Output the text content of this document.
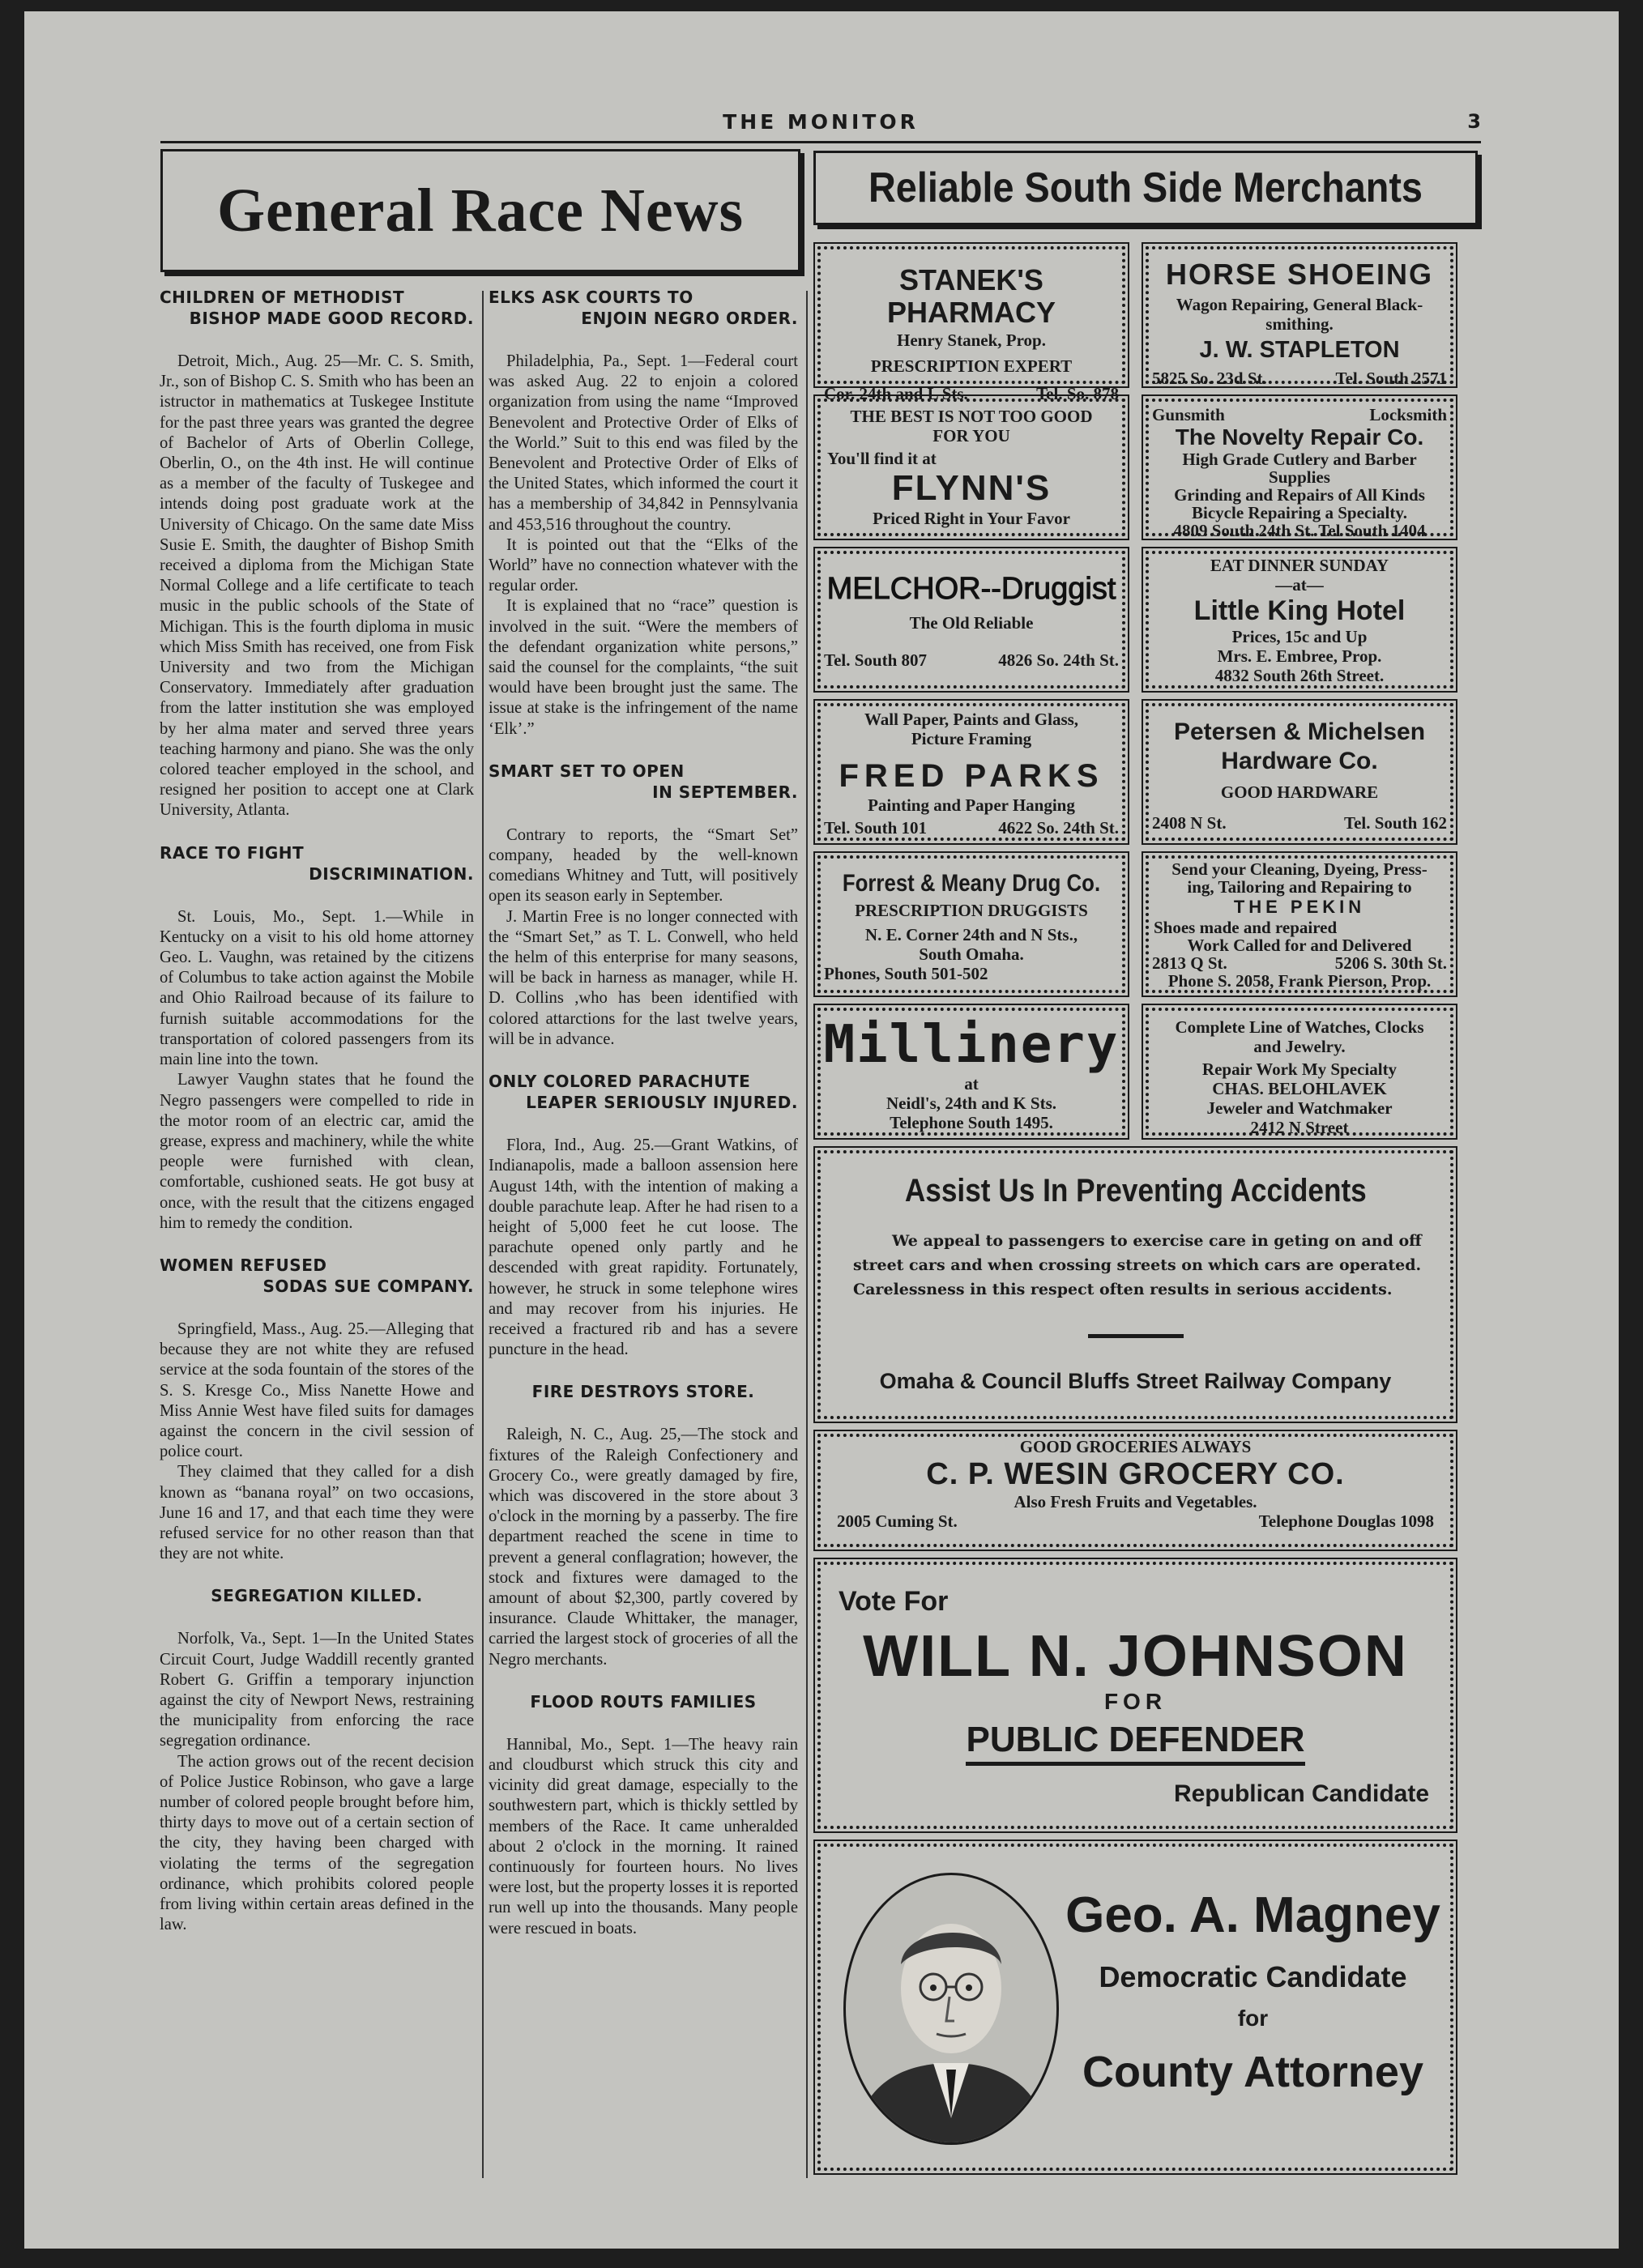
THE MONITOR	3
General Race News	Reliable South Side Merchants
CHILDREN OF METHODIST
BISHOP MADE GOOD RECORD.

Detroit, Mich., Aug. 25—Mr. C. S. Smith, Jr., son of Bishop C. S. Smith who has been an istructor in mathematics at Tuskegee Institute for the past three years was granted the degree of Bachelor of Arts of Oberlin College, Oberlin, O., on the 4th inst. He will continue as a member of the faculty of Tuskegee and intends doing post graduate work at the University of Chicago. On the same date Miss Susie E. Smith, the daughter of Bishop Smith received a diploma from the Michigan State Normal College and a life certificate to teach music in the public schools of the State of Michigan. This is the fourth diploma in music which Miss Smith has received, one from Fisk University and two from the Michigan Conservatory. Immediately after graduation from the latter institution she was employed by her alma mater and served three years teaching harmony and piano. She was the only colored teacher employed in the school, and resigned her position to accept one at Clark University, Atlanta.

RACE TO FIGHT
DISCRIMINATION.

St. Louis, Mo., Sept. 1.—While in Kentucky on a visit to his old home attorney Geo. L. Vaughn, was retained by the citizens of Columbus to take action against the Mobile and Ohio Railroad because of its failure to furnish suitable accommodations for the transportation of colored passengers from its main line into the town.

Lawyer Vaughn states that he found the Negro passengers were compelled to ride in the motor room of an electric car, amid the grease, express and machinery, while the white people were furnished with clean, comfortable, cushioned seats. He got busy at once, with the result that the citizens engaged him to remedy the condition.

WOMEN REFUSED
SODAS SUE COMPANY.

Springfield, Mass., Aug. 25.—Alleging that because they are not white they are refused service at the soda fountain of the stores of the S. S. Kresge Co., Miss Nanette Howe and Miss Annie West have filed suits for damages against the concern in the civil session of police court.

They claimed that they called for a dish known as “banana royal” on two occasions, June 16 and 17, and that each time they were refused service for no other reason than that they are not white.

SEGREGATION KILLED.

Norfolk, Va., Sept. 1—In the United States Circuit Court, Judge Waddill recently granted Robert G. Griffin a temporary injunction against the city of Newport News, restraining the municipality from enforcing the race segregation ordinance.

The action grows out of the recent decision of Police Justice Robinson, who gave a large number of colored people brought before him, thirty days to move out of a certain section of the city, they having been charged with violating the terms of the segregation ordinance, which prohibits colored people from living within certain areas defined in the law.

ELKS ASK COURTS TO
ENJOIN NEGRO ORDER.

Philadelphia, Pa., Sept. 1—Federal court was asked Aug. 22 to enjoin a colored organization from using the name “Improved Benevolent and Protective Order of Elks of the World.” Suit to this end was filed by the Benevolent and Protective Order of Elks of the United States, which informed the court it has a membership of 34,842 in Pennsylvania and 453,516 throughout the country.

It is pointed out that the “Elks of the World” have no connection whatever with the regular order.

It is explained that no “race” question is involved in the suit. “Were the members of the defendant organization white persons,” said the counsel for the complaints, “the suit would have been brought just the same. The issue at stake is the infringement of the name ‘Elk’.”

SMART SET TO OPEN
IN SEPTEMBER.

Contrary to reports, the “Smart Set” company, headed by the well-known comedians Whitney and Tutt, will positively open its season early in September.

J. Martin Free is no longer connected with the “Smart Set,” as T. L. Conwell, who held the helm of this enterprise for many seasons, will be back in harness as manager, while H. D. Collins ,who has been identified with colored attarctions for the last twelve years, will be in advance.

ONLY COLORED PARACHUTE
LEAPER SERIOUSLY INJURED.

Flora, Ind., Aug. 25.—Grant Watkins, of Indianapolis, made a balloon assension here August 14th, with the intention of making a double parachute leap. After he had risen to a height of 5,000 feet he cut loose. The parachute opened only partly and he descended with great rapidity. Fortunately, however, he struck in some telephone wires and may recover from his injuries. He received a fractured rib and has a severe puncture in the head.

FIRE DESTROYS STORE.

Raleigh, N. C., Aug. 25,—The stock and fixtures of the Raleigh Confectionery and Grocery Co., were greatly damaged by fire, which was discovered in the store about 3 o'clock in the morning by a passerby. The fire department reached the scene in time to prevent a general conflagration; however, the stock and fixtures were damaged to the amount of about $2,300, partly covered by insurance. Claude Whittaker, the manager, carried the largest stock of groceries of all the Negro merchants.

FLOOD ROUTS FAMILIES

Hannibal, Mo., Sept. 1—The heavy rain and cloudburst which struck this city and vicinity did great damage, especially to the southwestern part, which is thickly settled by members of the Race. It came unheralded about 2 o'clock in the morning. It rained continuously for fourteen hours. No lives were lost, but the property losses it is reported run well up into the thousands. Many people were rescued in boats.

STANEK'S PHARMACY
Henry Stanek, Prop.
PRESCRIPTION EXPERT
Cor. 24th and L Sts.	Tel. So. 878
HORSE SHOEING
Wagon Repairing, General Black-
smithing.
J. W. STAPLETON
5825 So. 23d St.	Tel. South 2571
THE BEST IS NOT TOO GOOD
FOR YOU
You'll find it at
FLYNN'S
Priced Right in Your Favor
Gunsmith	Locksmith
The Novelty Repair Co.
High Grade Cutlery and Barber
Supplies
Grinding and Repairs of All Kinds
Bicycle Repairing a Specialty.
4809 South 24th St. Tel South 1404
MELCHOR--Druggist
The Old Reliable
Tel. South 807	4826 So. 24th St.
EAT DINNER SUNDAY
—at—
Little King Hotel
Prices, 15c and Up
Mrs. E. Embree, Prop.
4832 South 26th Street.
Wall Paper, Paints and Glass,
Picture Framing
FRED PARKS
Painting and Paper Hanging
Tel. South 101	4622 So. 24th St.
Petersen & Michelsen
Hardware Co.
GOOD HARDWARE
2408 N St.	Tel. South 162
Forrest & Meany Drug Co.
PRESCRIPTION DRUGGISTS
N. E. Corner 24th and N Sts.,
South Omaha.
Phones, South 501-502
Send your Cleaning, Dyeing, Press-
ing, Tailoring and Repairing to
THE PEKIN
Shoes made and repaired
Work Called for and Delivered
2813 Q St.	5206 S. 30th St.
Phone S. 2058, Frank Pierson, Prop.
Millinery
at
Neidl's, 24th and K Sts.
Telephone South 1495.
Complete Line of Watches, Clocks
and Jewelry.
Repair Work My Specialty
CHAS. BELOHLAVEK
Jeweler and Watchmaker
2412 N Street
Assist Us In Preventing Accidents
We appeal to passengers to exercise care in geting on and off street cars and when crossing streets on which cars are operated. Carelessness in this respect often results in serious accidents.
Omaha & Council Bluffs Street Railway Company
GOOD GROCERIES ALWAYS
C. P. WESIN GROCERY CO.
Also Fresh Fruits and Vegetables.
2005 Cuming St.	Telephone Douglas 1098
Vote For
WILL N. JOHNSON
FOR
PUBLIC DEFENDER
Republican Candidate
Geo. A. Magney
Democratic Candidate
for
County Attorney
